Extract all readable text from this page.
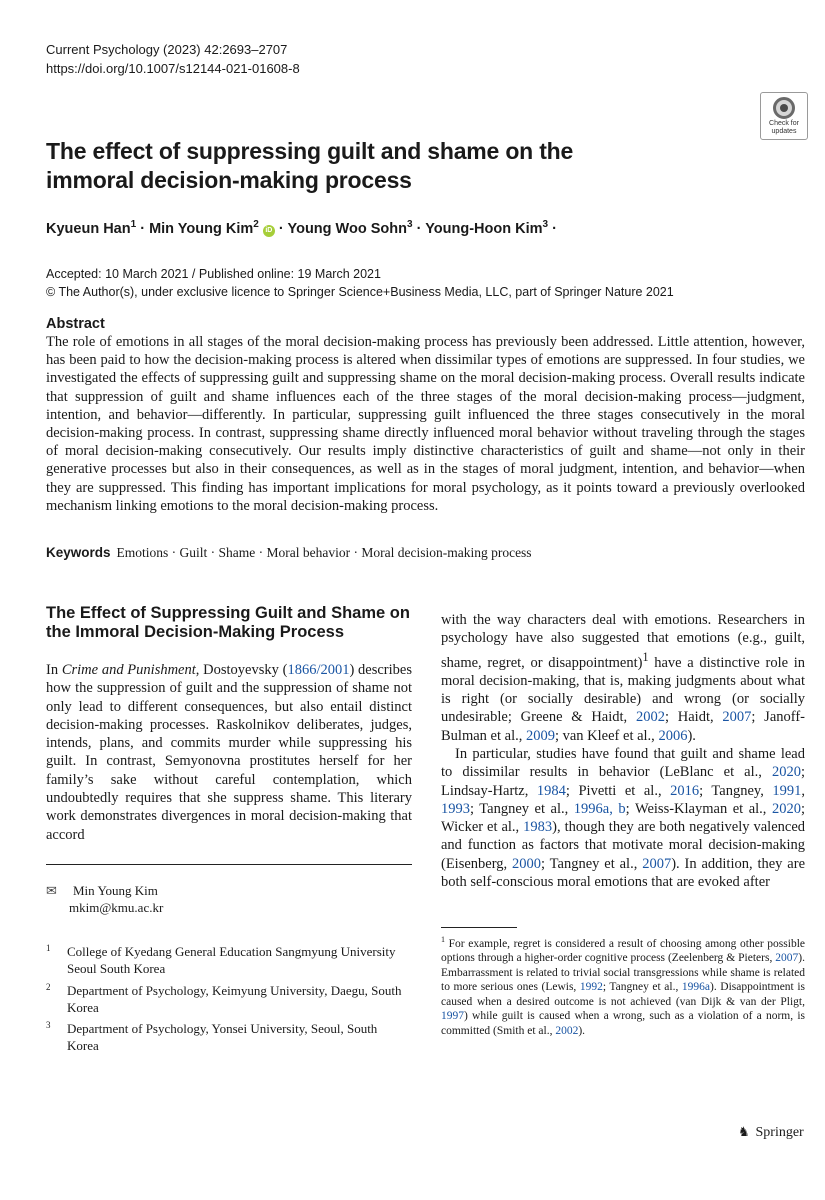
Current Psychology (2023) 42:2693–2707
https://doi.org/10.1007/s12144-021-01608-8
Check for
updates
The effect of suppressing guilt and shame on the immoral decision-making process
Kyueun Han$^1$ · Min Young Kim$^2$ iD · Young Woo Sohn$^3$ · Young-Hoon Kim$^3$ ·
Accepted: 10 March 2021 / Published online: 19 March 2021
© The Author(s), under exclusive licence to Springer Science+Business Media, LLC, part of Springer Nature 2021
Abstract
The role of emotions in all stages of the moral decision-making process has previously been addressed. Little attention, however, has been paid to how the decision-making process is altered when dissimilar types of emotions are suppressed. In four studies, we investigated the effects of suppressing guilt and suppressing shame on the moral decision-making process. Overall results indicate that suppression of guilt and shame influences each of the three stages of the moral decision-making process—judgment, intention, and behavior—differently. In particular, suppressing guilt influenced the three stages consecutively in the moral decision-making process. In contrast, suppressing shame directly influenced moral behavior without traveling through the stages of moral decision-making consecutively. Our results imply distinctive characteristics of guilt and shame—not only in their generative processes but also in their consequences, as well as in the stages of moral judgment, intention, and behavior—when they are suppressed. This finding has important implications for moral psychology, as it points toward a previously overlooked mechanism linking emotions to the moral decision-making process.
Keywords Emotions · Guilt · Shame · Moral behavior · Moral decision-making process
The Effect of Suppressing Guilt and Shame on the Immoral Decision-Making Process

In Crime and Punishment, Dostoyevsky (1866/2001) describes how the suppression of guilt and the suppression of shame not only lead to different consequences, but also entail distinct decision-making processes. Raskolnikov deliberates, judges, intends, plans, and commits murder while suppressing his guilt. In contrast, Semyonovna prostitutes herself for her family’s sake without careful contemplation, which undoubtedly requires that she suppress shame. This literary work demonstrates divergences in moral decision-making that accord

✉ Min Young Kim
mkim@kmu.ac.kr
1	College of Kyedang General Education Sangmyung University Seoul South Korea
2	Department of Psychology, Keimyung University, Daegu, South Korea
3	Department of Psychology, Yonsei University, Seoul, South Korea

with the way characters deal with emotions. Researchers in psychology have also suggested that emotions (e.g., guilt, shame, regret, or disappointment)$^1$ have a distinctive role in moral decision-making, that is, making judgments about what is right (or socially desirable) and wrong (or socially undesirable; Greene & Haidt, 2002; Haidt, 2007; Janoff-Bulman et al., 2009; van Kleef et al., 2006).

In particular, studies have found that guilt and shame lead to dissimilar results in behavior (LeBlanc et al., 2020; Lindsay-Hartz, 1984; Pivetti et al., 2016; Tangney, 1991, 1993; Tangney et al., 1996a, b; Weiss-Klayman et al., 2020; Wicker et al., 1983), though they are both negatively valenced and function as factors that motivate moral decision-making (Eisenberg, 2000; Tangney et al., 2007). In addition, they are both self-conscious moral emotions that are evoked after

$^1$ For example, regret is considered a result of choosing among other possible options through a higher-order cognitive process (Zeelenberg & Pieters, 2007). Embarrassment is related to trivial social transgressions while shame is related to more serious ones (Lewis, 1992; Tangney et al., 1996a). Disappointment is caused when a desired outcome is not achieved (van Dijk & van der Pligt, 1997) while guilt is caused when a wrong, such as a violation of a norm, is committed (Smith et al., 2002).
♞ Springer
